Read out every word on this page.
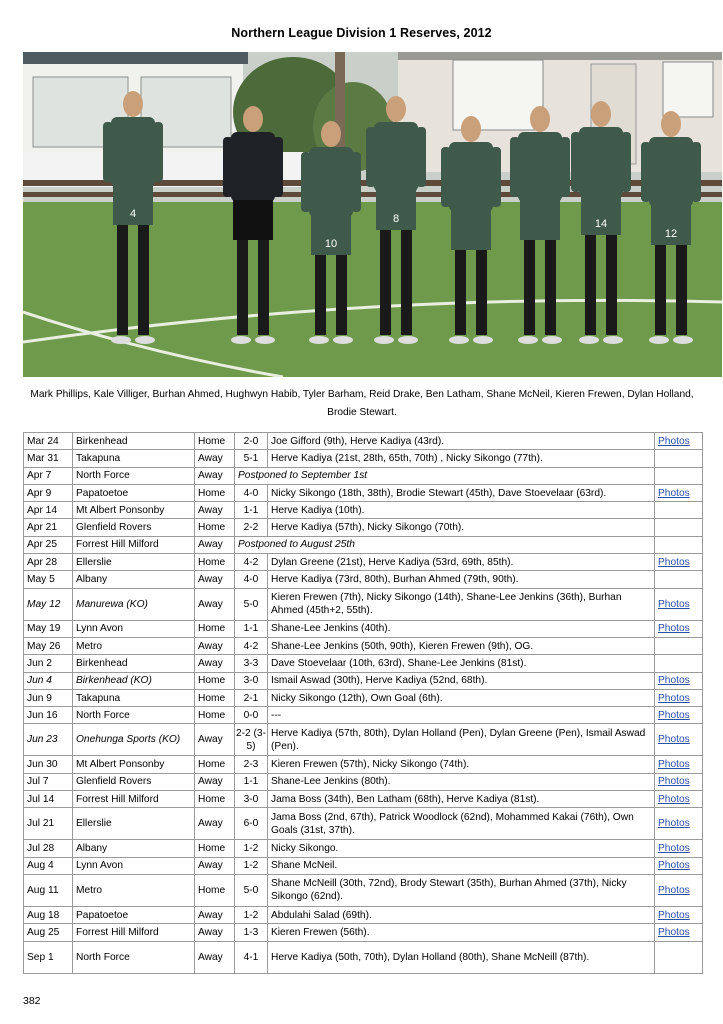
Northern League Division 1 Reserves, 2012
4
10
8	14
12
Mark Phillips, Kale Villiger, Burhan Ahmed, Hughwyn Habib, Tyler Barham, Reid Drake, Ben Latham, Shane McNeil, Kieren Frewen, Dylan Holland, Brodie Stewart.
Mar 24	Birkenhead	Home	2-0	Joe Gifford (9th), Herve Kadiya (43rd).	Photos
Mar 31	Takapuna	Away	5-1	Herve Kadiya (21st, 28th, 65th, 70th) , Nicky Sikongo (77th).	
Apr 7	North Force	Away	Postponed to September 1st		
Apr 9	Papatoetoe	Home	4-0	Nicky Sikongo (18th, 38th), Brodie Stewart (45th), Dave Stoevelaar (63rd).	Photos
Apr 14	Mt Albert Ponsonby	Away	1-1	Herve Kadiya (10th).	
Apr 21	Glenfield Rovers	Home	2-2	Herve Kadiya (57th), Nicky Sikongo (70th).	
Apr 25	Forrest Hill Milford	Away	Postponed to August 25th		
Apr 28	Ellerslie	Home	4-2	Dylan Greene (21st), Herve Kadiya (53rd, 69th, 85th).	Photos
May 5	Albany	Away	4-0	Herve Kadiya (73rd, 80th), Burhan Ahmed (79th, 90th).	
May 12	Manurewa (KO)	Away	5-0	Kieren Frewen (7th), Nicky Sikongo (14th), Shane-Lee Jenkins (36th), Burhan Ahmed (45th+2, 55th).	Photos
May 19	Lynn Avon	Home	1-1	Shane-Lee Jenkins (40th).	Photos
May 26	Metro	Away	4-2	Shane-Lee Jenkins (50th, 90th), Kieren Frewen (9th), OG.	
Jun 2	Birkenhead	Away	3-3	Dave Stoevelaar (10th, 63rd), Shane-Lee Jenkins (81st).	
Jun 4	Birkenhead (KO)	Home	3-0	Ismail Aswad (30th), Herve Kadiya (52nd, 68th).	Photos
Jun 9	Takapuna	Home	2-1	Nicky Sikongo (12th), Own Goal (6th).	Photos
Jun 16	North Force	Home	0-0	---	Photos
Jun 23	Onehunga Sports (KO)	Away	2-2 (3-5)	Herve Kadiya (57th, 80th), Dylan Holland (Pen), Dylan Greene (Pen), Ismail Aswad (Pen).	Photos
Jun 30	Mt Albert Ponsonby	Home	2-3	Kieren Frewen (57th), Nicky Sikongo (74th).	Photos
Jul 7	Glenfield Rovers	Away	1-1	Shane-Lee Jenkins (80th).	Photos
Jul 14	Forrest Hill Milford	Home	3-0	Jama Boss (34th), Ben Latham (68th), Herve Kadiya (81st).	Photos
Jul 21	Ellerslie	Away	6-0	Jama Boss (2nd, 67th), Patrick Woodlock (62nd), Mohammed Kakai (76th), Own Goals (31st, 37th).	Photos
Jul 28	Albany	Home	1-2	Nicky Sikongo.	Photos
Aug 4	Lynn Avon	Away	1-2	Shane McNeil.	Photos
Aug 11	Metro	Home	5-0	Shane McNeill (30th, 72nd), Brody Stewart (35th), Burhan Ahmed (37th), Nicky Sikongo (62nd).	Photos
Aug 18	Papatoetoe	Away	1-2	Abdulahi Salad (69th).	Photos
Aug 25	Forrest Hill Milford	Away	1-3	Kieren Frewen (56th).	Photos
Sep 1	North Force	Away	4-1	Herve Kadiya (50th, 70th), Dylan Holland (80th), Shane McNeill (87th).	
382
